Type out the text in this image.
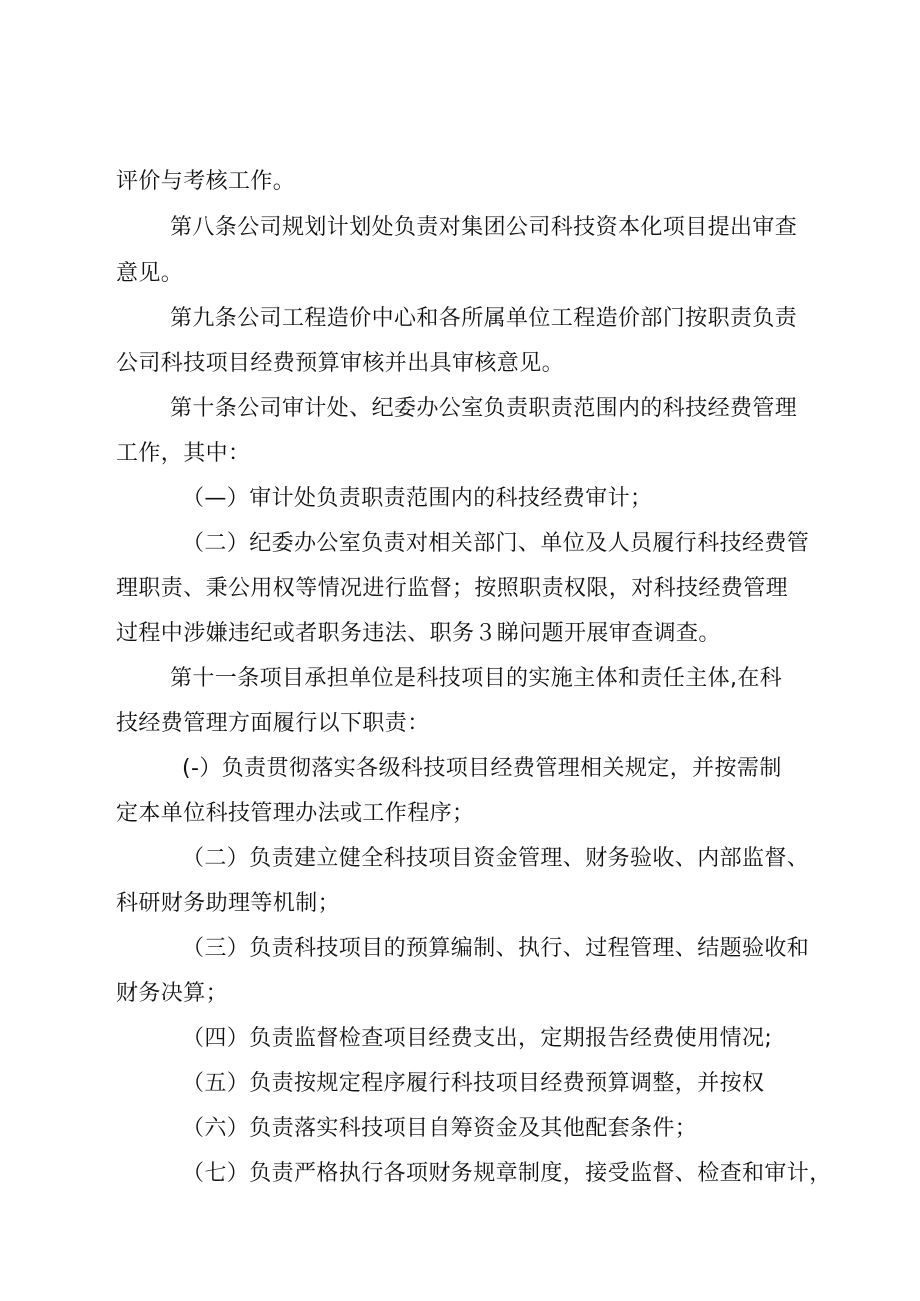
评价与考核工作。
第八条公司规划计划处负责对集团公司科技资本化项目提出审查
意见。
第九条公司工程造价中心和各所属单位工程造价部门按职责负责
公司科技项目经费预算审核并出具审核意见。
第十条公司审计处、纪委办公室负责职责范围内的科技经费管理
工作，其中：
（—）审计处负责职责范围内的科技经费审计；
（二）纪委办公室负责对相关部门、单位及人员履行科技经费管
理职责、秉公用权等情况进行监督；按照职责权限，对科技经费管理
过程中涉嫌违纪或者职务违法、职务３睇问题开展审查调查。
第十一条项目承担单位是科技项目的实施主体和责任主体,在科
技经费管理方面履行以下职责：
(-）负责贯彻落实各级科技项目经费管理相关规定，并按需制
定本单位科技管理办法或工作程序；
（二）负责建立健全科技项目资金管理、财务验收、内部监督、
科研财务助理等机制；
（三）负责科技项目的预算编制、执行、过程管理、结题验收和
财务决算；
（四）负责监督检查项目经费支出，定期报告经费使用情况;
（五）负责按规定程序履行科技项目经费预算调整，并按权
（六）负责落实科技项目自筹资金及其他配套条件；
（七）负责严格执行各项财务规章制度，接受监督、检查和审计，
